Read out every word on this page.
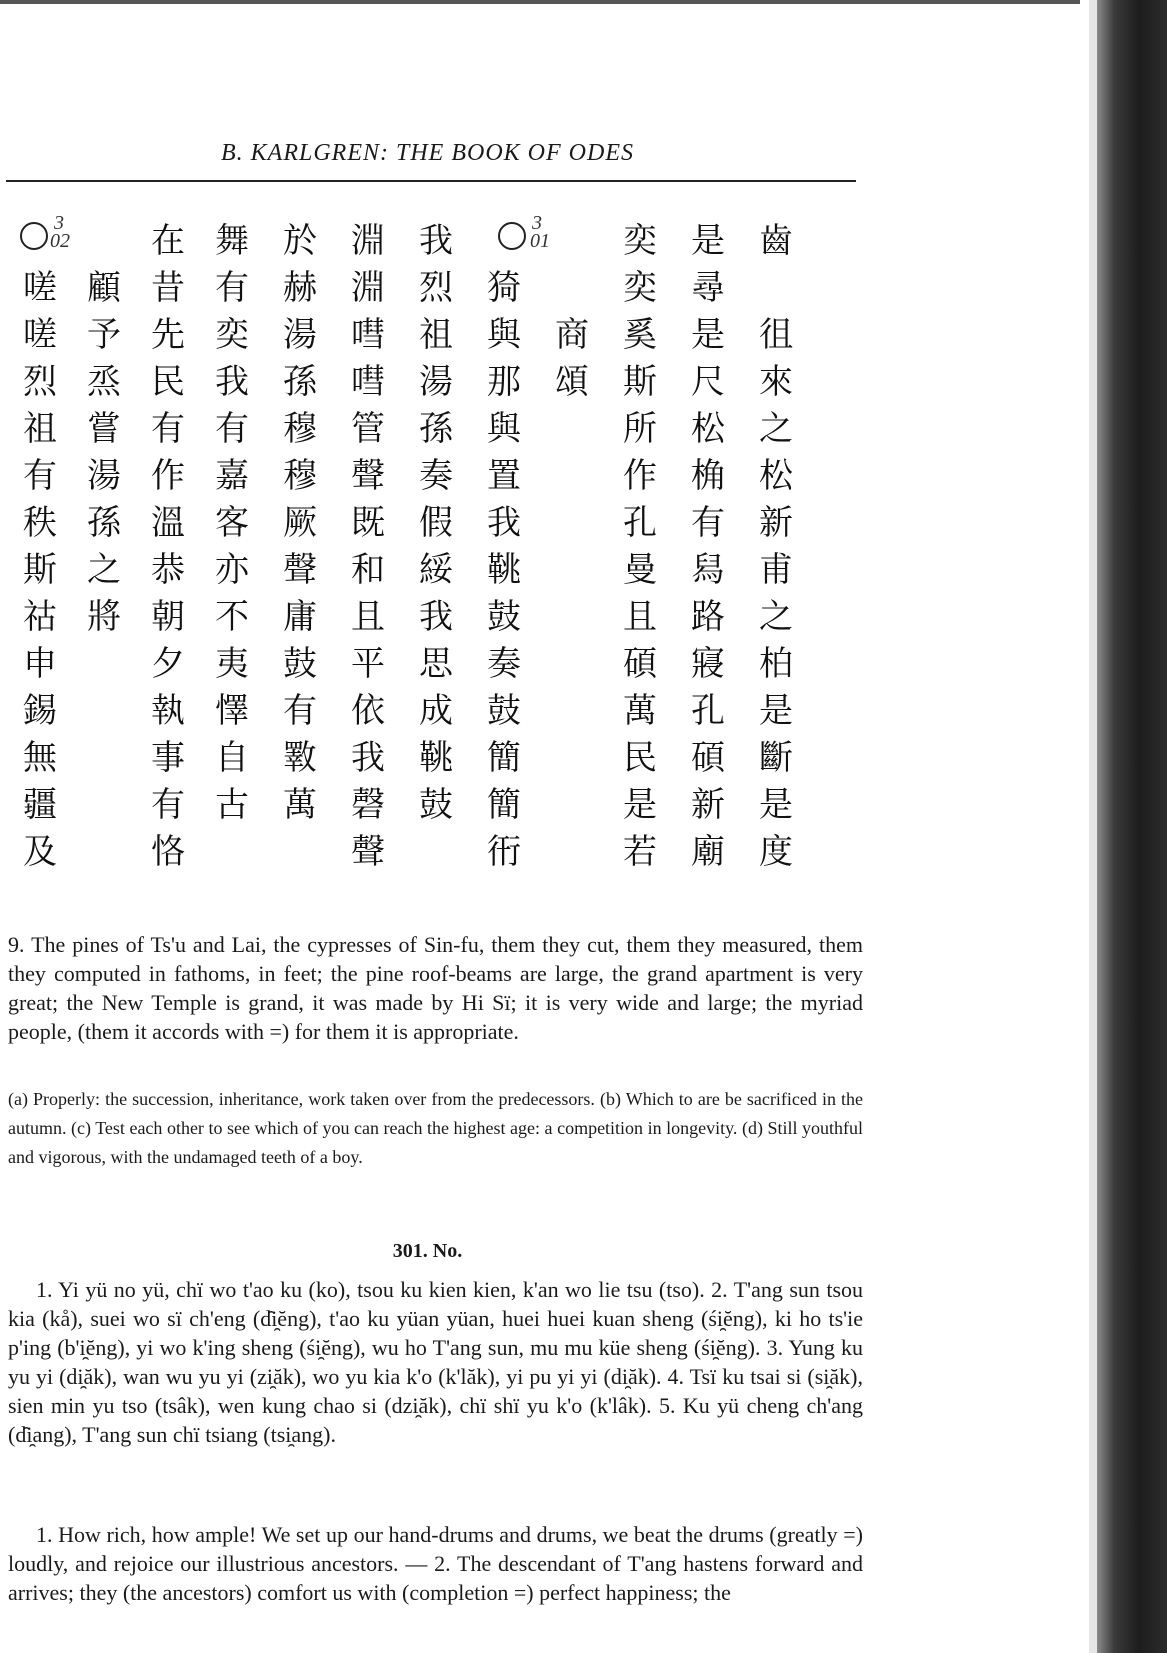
B. KARLGREN: THE BOOK OF ODES
3
02
3
01	齒
徂來之松新甫之柏是斷是度
是尋是尺松桷有舄路寢孔碩新廟
奕奕奚斯所作孔曼且碩萬民是若
商頌
猗與那與置我鞉鼓奏鼓簡簡衎
我烈祖湯孫奏假綏我思成鞉鼓
淵淵嘒嘒管聲既和且平依我磬聲
於赫湯孫穆穆厥聲庸鼓有斁萬
舞有奕我有嘉客亦不夷懌自古
在昔先民有作溫恭朝夕執事有恪
顧予烝嘗湯孫之將
嗟嗟烈祖有秩斯祜申錫無疆及

9. The pines of Ts'u and Lai, the cypresses of Sin-fu, them they cut, them they measured, them they computed in fathoms, in feet; the pine roof-beams are large, the grand apartment is very great; the New Temple is grand, it was made by Hi Sï; it is very wide and large; the myriad people, (them it accords with =) for them it is appropriate.

(a) Properly: the succession, inheritance, work taken over from the predecessors. (b) Which to are be sacrificed in the autumn. (c) Test each other to see which of you can reach the highest age: a competition in longevity. (d) Still youthful and vigorous, with the undamaged teeth of a boy.

301. No.

1. Yi yü no yü, chï wo t'ao ku (ko), tsou ku kien kien, k'an wo lie tsu (tso). 2. T'ang sun tsou kia (kå), suei wo sï ch'eng (d̑i̯ĕng), t'ao ku yüan yüan, huei huei kuan sheng (śi̯ĕng), ki ho ts'ie p'ing (b'i̯ĕng), yi wo k'ing sheng (śi̯ĕng), wu ho T'ang sun, mu mu küe sheng (śi̯ĕng). 3. Yung ku yu yi (di̯ăk), wan wu yu yi (zi̯ăk), wo yu kia k'o (k'lăk), yi pu yi yi (di̯ăk). 4. Tsï ku tsai si (si̯ăk), sien min yu tso (tsâk), wen kung chao si (dzi̯ăk), chï shï yu k'o (k'lâk). 5. Ku yü cheng ch'ang (d̑i̯ang), T'ang sun chï tsiang (tsi̯ang).

1. How rich, how ample! We set up our hand-drums and drums, we beat the drums (greatly =) loudly, and rejoice our illustrious ancestors. — 2. The descendant of T'ang hastens forward and arrives; they (the ancestors) comfort us with (completion =) perfect happiness; the
